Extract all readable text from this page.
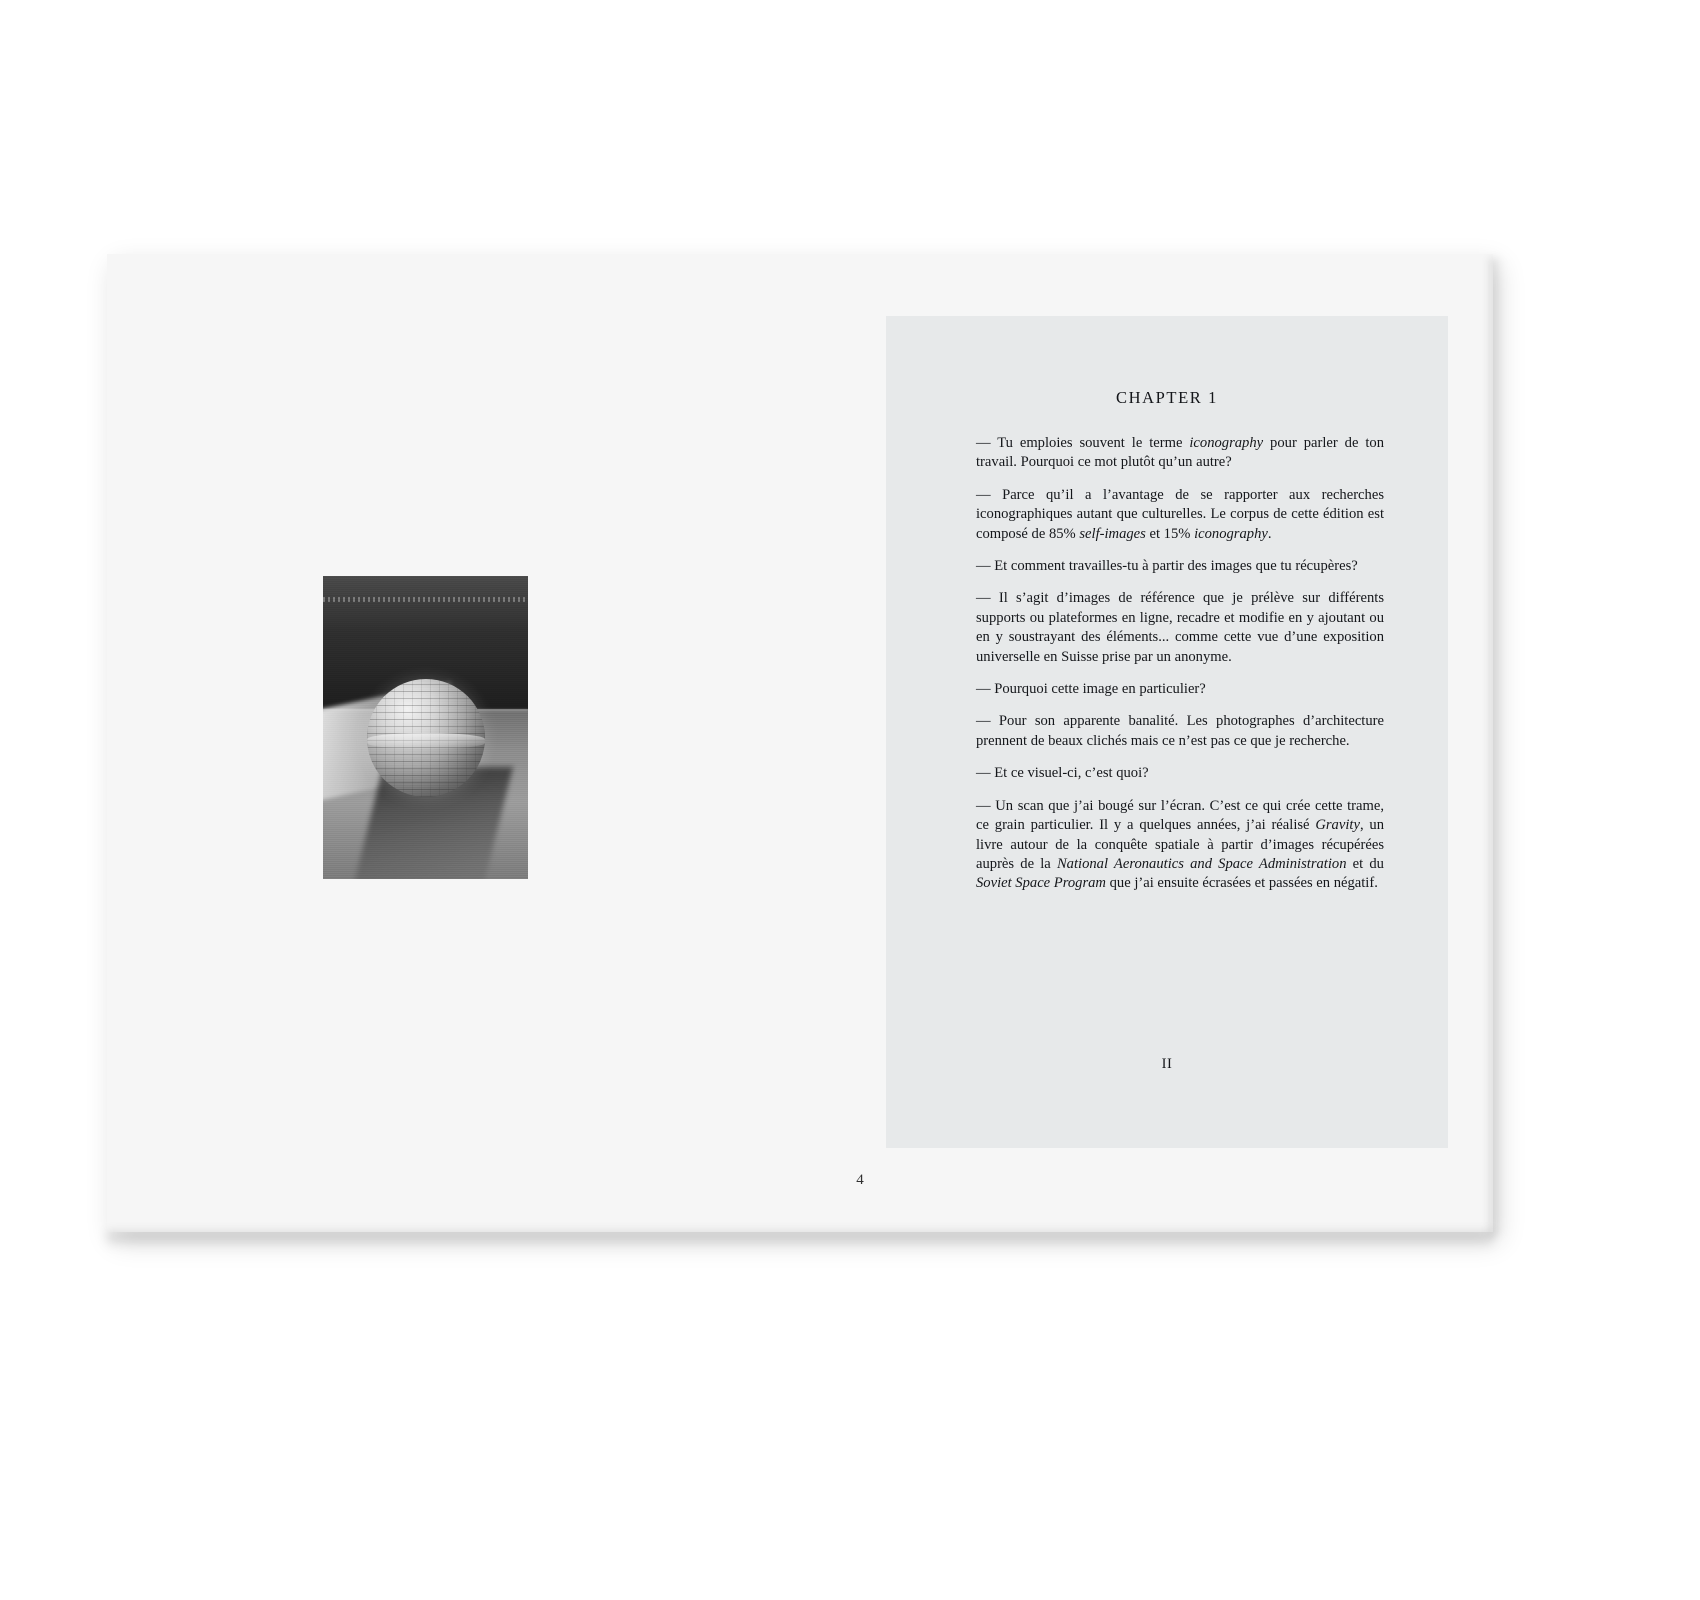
CHAPTER 1

— Tu emploies souvent le terme iconography pour parler de ton travail. Pourquoi ce mot plutôt qu’un autre?

— Parce qu’il a l’avantage de se rapporter aux recherches iconographiques autant que culturelles. Le corpus de cette édition est composé de 85% self-images et 15% iconography.

— Et comment travailles-tu à partir des images que tu récupères?

— Il s’agit d’images de référence que je prélève sur différents supports ou plateformes en ligne, recadre et modifie en y ajoutant ou en y soustrayant des éléments... comme cette vue d’une exposition universelle en Suisse prise par un anonyme.

— Pourquoi cette image en particulier?

— Pour son apparente banalité. Les photographes d’architecture prennent de beaux clichés mais ce n’est pas ce que je recherche.

— Et ce visuel-ci, c’est quoi?

— Un scan que j’ai bougé sur l’écran. C’est ce qui crée cette trame, ce grain particulier. Il y a quelques années, j’ai réalisé Gravity, un livre autour de la conquête spatiale à partir d’images récupérées auprès de la National Aeronautics and Space Administration et du Soviet Space Program que j’ai ensuite écrasées et passées en négatif.

II
4
